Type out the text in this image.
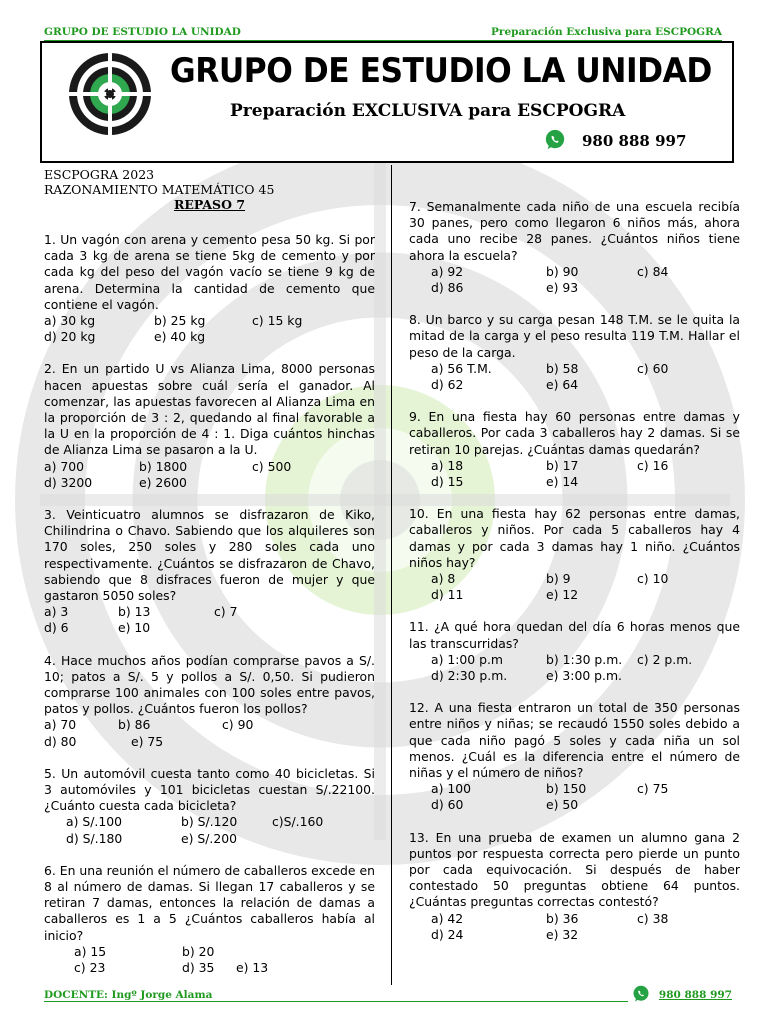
GRUPO DE ESTUDIO LA UNIDAD	Preparación Exclusiva para ESCPOGRA
GRUPO DE ESTUDIO LA UNIDAD
Preparación EXCLUSIVA para ESCPOGRA
980 888 997
ESCPOGRA 2023
RAZONAMIENTO MATEMÁTICO 45
REPASO 7
1. Un vagón con arena y cemento pesa 50 kg. Si por cada 3 kg de arena se tiene 5kg de cemento y por cada kg del peso del vagón vacío se tiene 9 kg de arena. Determina la cantidad de cemento que contiene el vagón.
a) 30 kg	b) 25 kg	c) 15 kg
d) 20 kg	e) 40 kg
2. En un partido U vs Alianza Lima, 8000 personas hacen apuestas sobre cuál sería el ganador. Al comenzar, las apuestas favorecen al Alianza Lima en la proporción de 3 : 2, quedando al final favorable a la U en la proporción de 4 : 1. Diga cuántos hinchas de Alianza Lima se pasaron a la U.
a) 700	b) 1800	c) 500
d) 3200	e) 2600
3. Veinticuatro alumnos se disfrazaron de Kiko, Chilindrina o Chavo. Sabiendo que los alquileres son 170 soles, 250 soles y 280 soles cada uno respectivamente. ¿Cuántos se disfrazaron de Chavo, sabiendo que 8 disfraces fueron de mujer y que gastaron 5050 soles?
a) 3	b) 13	c) 7
d) 6	e) 10
4. Hace muchos años podían comprarse pavos a S/. 10; patos a S/. 5 y pollos a S/. 0,50. Si pudieron comprarse 100 animales con 100 soles entre pavos, patos y pollos. ¿Cuántos fueron los pollos?
a) 70	b) 86	c) 90
d) 80	e) 75
5. Un automóvil cuesta tanto como 40 bicicletas. Si 3 automóviles y 101 bicicletas cuestan S/.22100. ¿Cuánto cuesta cada bicicleta?
a) S/.100	b) S/.120	c)S/.160
d) S/.180	e) S/.200
6. En una reunión el número de caballeros excede en 8 al número de damas. Si llegan 17 caballeros y se retiran 7 damas, entonces la relación de damas a caballeros es 1 a 5 ¿Cuántos caballeros había al inicio?
a) 15	b) 20
c) 23	d) 35 e) 13
7. Semanalmente cada niño de una escuela recibía 30 panes, pero como llegaron 6 niños más, ahora cada uno recibe 28 panes. ¿Cuántos niños tiene ahora la escuela?
a) 92	b) 90	c) 84
d) 86	e) 93
8. Un barco y su carga pesan 148 T.M. se le quita la mitad de la carga y el peso resulta 119 T.M. Hallar el peso de la carga.
a) 56 T.M.	b) 58	c) 60
d) 62	e) 64
9. En una fiesta hay 60 personas entre damas y caballeros. Por cada 3 caballeros hay 2 damas. Si se retiran 10 parejas. ¿Cuántas damas quedarán?
a) 18	b) 17	c) 16
d) 15	e) 14
10. En una fiesta hay 62 personas entre damas, caballeros y niños. Por cada 5 caballeros hay 4 damas y por cada 3 damas hay 1 niño. ¿Cuántos niños hay?
a) 8	b) 9	c) 10
d) 11	e) 12
11. ¿A qué hora quedan del día 6 horas menos que las transcurridas?
a) 1:00 p.m	b) 1:30 p.m. c) 2 p.m.
d) 2:30 p.m.	e) 3:00 p.m.
12. A una fiesta entraron un total de 350 personas entre niños y niñas; se recaudó 1550 soles debido a que cada niño pagó 5 soles y cada niña un sol menos. ¿Cuál es la diferencia entre el número de niñas y el número de niños?
a) 100	b) 150	c) 75
d) 60	e) 50
13. En una prueba de examen un alumno gana 2 puntos por respuesta correcta pero pierde un punto por cada equivocación. Si después de haber contestado 50 preguntas obtiene 64 puntos. ¿Cuántas preguntas correctas contestó?
a) 42	b) 36	c) 38
d) 24	e) 32
DOCENTE: Ingº Jorge Alama	980 888 997
